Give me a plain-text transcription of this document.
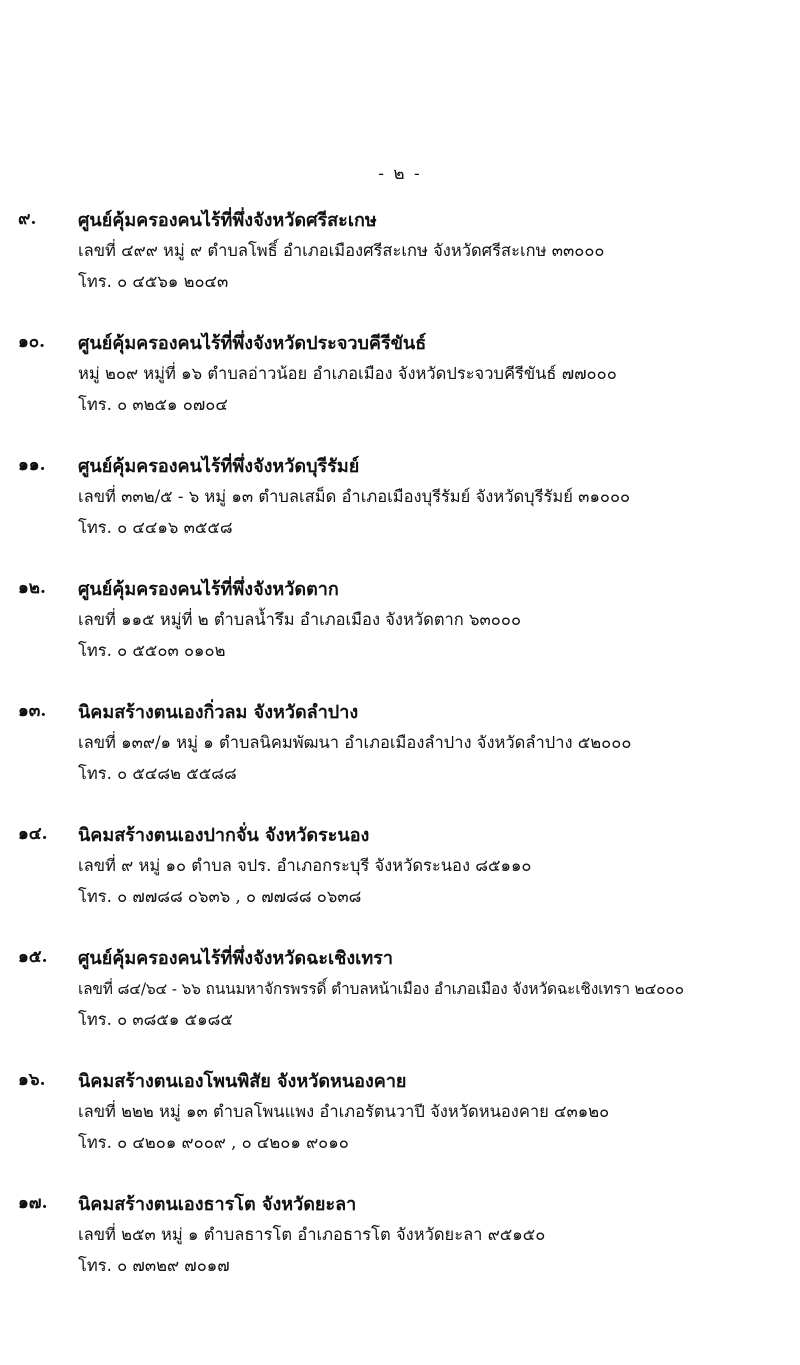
- ๒ -
๙. ศูนย์คุ้มครองคนไร้ที่พึ่งจังหวัดศรีสะเกษ
เลขที่ ๔๙๙ หมู่ ๙ ตำบลโพธิ์ อำเภอเมืองศรีสะเกษ จังหวัดศรีสะเกษ ๓๓๐๐๐
โทร. ๐ ๔๕๖๑ ๒๐๔๓
๑๐. ศูนย์คุ้มครองคนไร้ที่พึ่งจังหวัดประจวบคีรีขันธ์
หมู่ ๒๐๙ หมู่ที่ ๑๖ ตำบลอ่าวน้อย อำเภอเมือง จังหวัดประจวบคีรีขันธ์ ๗๗๐๐๐
โทร. ๐ ๓๒๕๑ ๐๗๐๔
๑๑. ศูนย์คุ้มครองคนไร้ที่พึ่งจังหวัดบุรีรัมย์
เลขที่ ๓๓๒/๕ - ๖ หมู่ ๑๓ ตำบลเสม็ด อำเภอเมืองบุรีรัมย์ จังหวัดบุรีรัมย์ ๓๑๐๐๐
โทร. ๐ ๔๔๑๖ ๓๕๕๘
๑๒. ศูนย์คุ้มครองคนไร้ที่พึ่งจังหวัดตาก
เลขที่ ๑๑๕ หมู่ที่ ๒ ตำบลน้ำรึม อำเภอเมือง จังหวัดตาก ๖๓๐๐๐
โทร. ๐ ๕๕๐๓ ๐๑๐๒
๑๓. นิคมสร้างตนเองกิ่วลม จังหวัดลำปาง
เลขที่ ๑๓๙/๑ หมู่ ๑ ตำบลนิคมพัฒนา อำเภอเมืองลำปาง จังหวัดลำปาง ๕๒๐๐๐
โทร. ๐ ๕๔๘๒ ๕๕๘๘
๑๔. นิคมสร้างตนเองปากจั่น จังหวัดระนอง
เลขที่ ๙ หมู่ ๑๐ ตำบล จปร. อำเภอกระบุรี จังหวัดระนอง ๘๕๑๑๐
โทร. ๐ ๗๗๘๘ ๐๖๓๖ , ๐ ๗๗๘๘ ๐๖๓๘
๑๕. ศูนย์คุ้มครองคนไร้ที่พึ่งจังหวัดฉะเชิงเทรา
เลขที่ ๘๔/๖๔ - ๖๖ ถนนมหาจักรพรรดิ์ ตำบลหน้าเมือง อำเภอเมือง จังหวัดฉะเชิงเทรา ๒๔๐๐๐
โทร. ๐ ๓๘๕๑ ๕๑๘๕
๑๖. นิคมสร้างตนเองโพนพิสัย จังหวัดหนองคาย
เลขที่ ๒๒๒ หมู่ ๑๓ ตำบลโพนแพง อำเภอรัตนวาปี จังหวัดหนองคาย ๔๓๑๒๐
โทร. ๐ ๔๒๐๑ ๙๐๐๙ , ๐ ๔๒๐๑ ๙๐๑๐
๑๗. นิคมสร้างตนเองธารโต จังหวัดยะลา
เลขที่ ๒๕๓ หมู่ ๑ ตำบลธารโต อำเภอธารโต จังหวัดยะลา ๙๕๑๕๐
โทร. ๐ ๗๓๒๙ ๗๐๑๗
